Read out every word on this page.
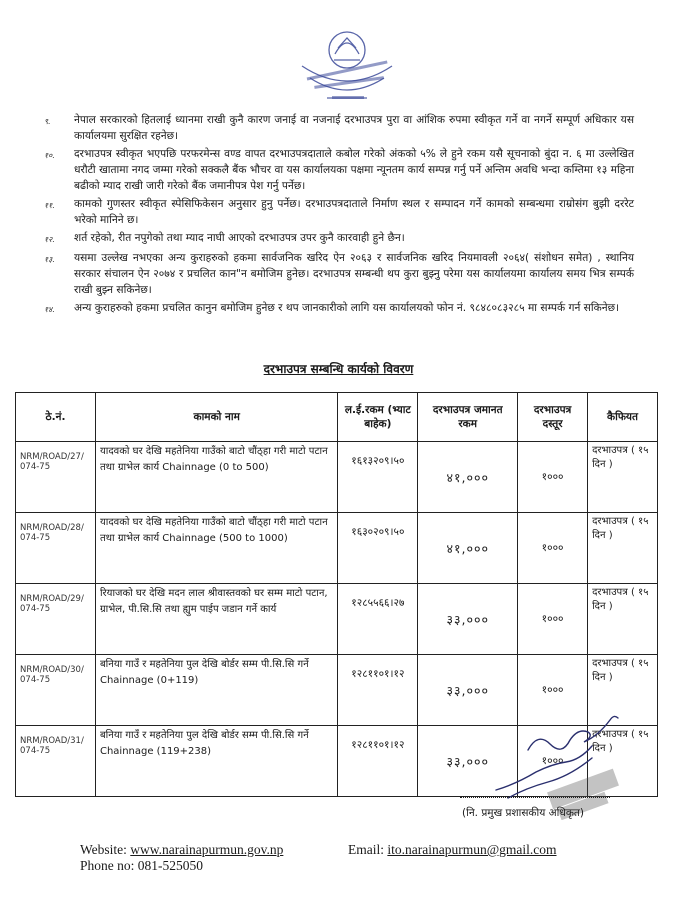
९.	नेपाल सरकारको हितलाई ध्यानमा राखी कुनै कारण जनाई वा नजनाई दरभाउपत्र पुरा वा आंशिक रुपमा स्वीकृत गर्ने वा नगर्ने सम्पूर्ण अधिकार यस कार्यालयमा सुरक्षित रहनेछ।
१०.	दरभाउपत्र स्वीकृत भएपछि परफरमेन्स वण्ड वापत दरभाउपत्रदाताले कबोल गरेको अंकको ५% ले हुने रकम यसै सूचनाको बुंदा न. ६ मा उल्लेखित धरौटी खातामा नगद जम्मा गरेको सक्कलै बैंक भौचर वा यस कार्यालयका पक्षमा न्यूनतम कार्य सम्पन्न गर्नु पर्ने अन्तिम अवधि भन्दा कम्तिमा १३ महिना बढीको म्याद राखी जारी गरेको बैंक जमानीपत्र पेश गर्नु पर्नेछ।
११.	कामको गुणस्तर स्वीकृत स्पेसिफिकेसन अनुसार हुनु पर्नेछ। दरभाउपत्रदाताले निर्माण स्थल र सम्पादन गर्ने कामको सम्बन्धमा राम्रोसंग बुझी दररेट भरेको मानिने छ।
१२.	शर्त रहेको, रीत नपुगेको तथा म्याद नाघी आएको दरभाउपत्र उपर कुनै कारवाही हुने छैन।
१३.	यसमा उल्लेख नभएका अन्य कुराहरुको हकमा सार्वजनिक खरिद ऐन २०६३ र सार्वजनिक खरिद नियमावली २०६४( संशोधन समेत) , स्थानिय सरकार संचालन ऐन २०७४ र प्रचलित कान"न बमोजिम हुनेछ। दरभाउपत्र सम्बन्धी थप कुरा बुझ्नु परेमा यस कार्यालयमा कार्यालय समय भित्र सम्पर्क राखी बुझ्न सकिनेछ।
१४.	अन्य कुराहरुको हकमा प्रचलित कानुन बमोजिम हुनेछ र थप जानकारीको लागि यस कार्यालयको फोन नं. ९८४८०८३२८५ मा सम्पर्क गर्न सकिनेछ।
दरभाउपत्र सम्बन्धि कार्यको विवरण
ठे.नं.	कामको नाम	ल.ई.रकम (भ्याट बाहेक)	दरभाउपत्र जमानत रकम	दरभाउपत्र दस्तूर	कैफियत
NRM/ROAD/27/ 074-75	यादवको घर देखि महतेनिया गाउँको बाटो चौंठ्हा गरी माटो पटान तथा ग्राभेल कार्य Chainnage (0 to 500)	१६१३२०९।५०	४१,०००	१०००	दरभाउपत्र ( १५ दिन )
NRM/ROAD/28/ 074-75	यादवको घर देखि महतेनिया गाउँको बाटो चौंठ्हा गरी माटो पटान तथा ग्राभेल कार्य Chainnage (500 to 1000)	१६३०२०९।५०	४१,०००	१०००	दरभाउपत्र ( १५ दिन )
NRM/ROAD/29/ 074-75	रियाजको घर देखि मदन लाल श्रीवास्तवको घर सम्म माटो पटान, ग्राभेल, पी.सि.सि तथा ह्युम पाईप जडान गर्ने कार्य	१२८५५६६।२७	३३,०००	१०००	दरभाउपत्र ( १५ दिन )
NRM/ROAD/30/ 074-75	बनिया गाउँ र महतेनिया पुल देखि बोर्डर सम्म पी.सि.सि गर्ने Chainnage (0+119)	१२८११०१।१२	३३,०००	१०००	दरभाउपत्र ( १५ दिन )
NRM/ROAD/31/ 074-75	बनिया गाउँ र महतेनिया पुल देखि बोर्डर सम्म पी.सि.सि गर्ने Chainnage (119+238)	१२८११०१।१२	३३,०००	१०००	दरभाउपत्र ( १५ दिन )
(नि. प्रमुख प्रशासकीय अधिकृत)
Website: www.narainapurmun.gov.np
Phone no: 081-525050
Email: ito.narainapurmun@gmail.com
